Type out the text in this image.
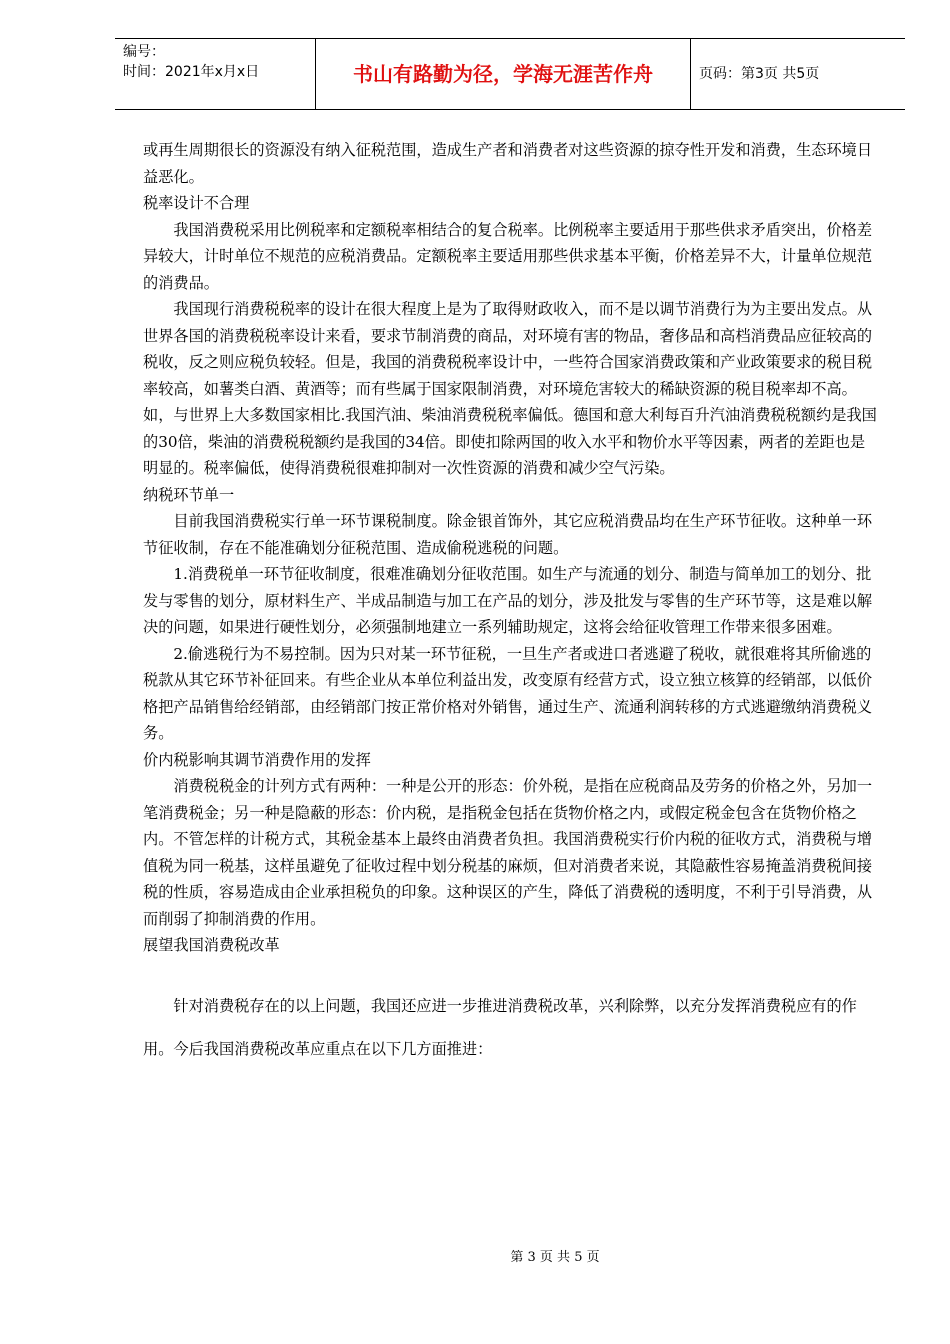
编号：
时间：2021年x月x日	书山有路勤为径，学海无涯苦作舟	页码：第3页 共5页

或再生周期很长的资源没有纳入征税范围，造成生产者和消费者对这些资源的掠夺性开发和消费，生态环境日益恶化。

税率设计不合理

我国消费税采用比例税率和定额税率相结合的复合税率。比例税率主要适用于那些供求矛盾突出，价格差异较大，计时单位不规范的应税消费品。定额税率主要适用那些供求基本平衡，价格差异不大，计量单位规范的消费品。

我国现行消费税税率的设计在很大程度上是为了取得财政收入，而不是以调节消费行为为主要出发点。从世界各国的消费税税率设计来看，要求节制消费的商品，对环境有害的物品，奢侈品和高档消费品应征较高的税收，反之则应税负较轻。但是，我国的消费税税率设计中，一些符合国家消费政策和产业政策要求的税目税率较高，如薯类白酒、黄酒等；而有些属于国家限制消费，对环境危害较大的稀缺资源的税目税率却不高。如，与世界上大多数国家相比.我国汽油、柴油消费税税率偏低。德国和意大利每百升汽油消费税税额约是我国的30倍，柴油的消费税税额约是我国的34倍。即使扣除两国的收入水平和物价水平等因素，两者的差距也是明显的。税率偏低，使得消费税很难抑制对一次性资源的消费和减少空气污染。

纳税环节单一

目前我国消费税实行单一环节课税制度。除金银首饰外，其它应税消费品均在生产环节征收。这种单一环节征收制，存在不能准确划分征税范围、造成偷税逃税的问题。

1.消费税单一环节征收制度，很难准确划分征收范围。如生产与流通的划分、制造与简单加工的划分、批发与零售的划分，原材料生产、半成品制造与加工在产品的划分，涉及批发与零售的生产环节等，这是难以解决的问题，如果进行硬性划分，必须强制地建立一系列辅助规定，这将会给征收管理工作带来很多困难。

2.偷逃税行为不易控制。因为只对某一环节征税，一旦生产者或进口者逃避了税收，就很难将其所偷逃的税款从其它环节补征回来。有些企业从本单位利益出发，改变原有经营方式，设立独立核算的经销部，以低价格把产品销售给经销部，由经销部门按正常价格对外销售，通过生产、流通利润转移的方式逃避缴纳消费税义务。

价内税影响其调节消费作用的发挥

消费税税金的计列方式有两种：一种是公开的形态：价外税，是指在应税商品及劳务的价格之外，另加一笔消费税金；另一种是隐蔽的形态：价内税，是指税金包括在货物价格之内，或假定税金包含在货物价格之内。不管怎样的计税方式，其税金基本上最终由消费者负担。我国消费税实行价内税的征收方式，消费税与增值税为同一税基，这样虽避免了征收过程中划分税基的麻烦，但对消费者来说，其隐蔽性容易掩盖消费税间接税的性质，容易造成由企业承担税负的印象。这种误区的产生，降低了消费税的透明度，不利于引导消费，从而削弱了抑制消费的作用。

展望我国消费税改革

针对消费税存在的以上问题，我国还应进一步推进消费税改革，兴利除弊，以充分发挥消费税应有的作用。今后我国消费税改革应重点在以下几方面推进：

第 3 页 共 5 页
